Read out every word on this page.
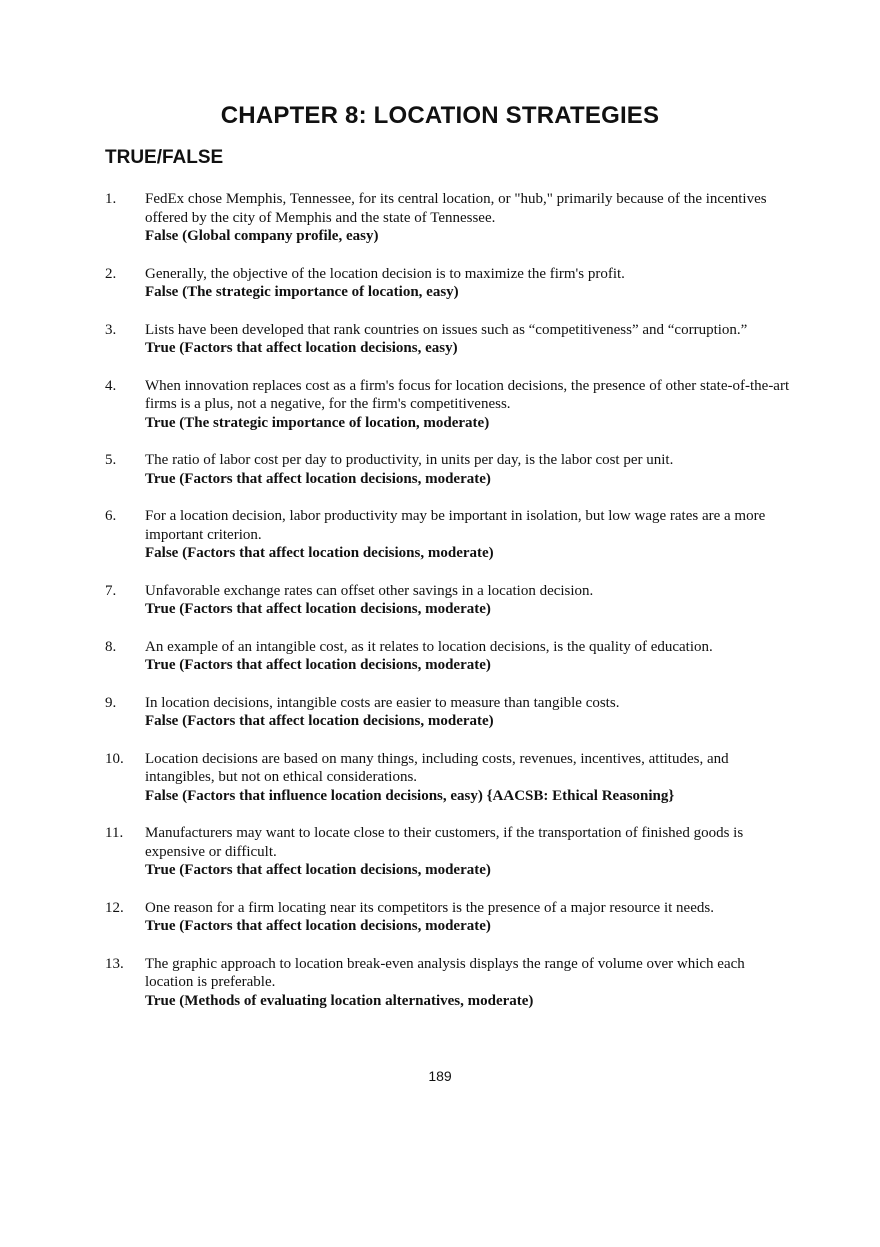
CHAPTER 8: LOCATION STRATEGIES
TRUE/FALSE
1. FedEx chose Memphis, Tennessee, for its central location, or "hub," primarily because of the incentives offered by the city of Memphis and the state of Tennessee.
False (Global company profile, easy)
2. Generally, the objective of the location decision is to maximize the firm's profit.
False (The strategic importance of location, easy)
3. Lists have been developed that rank countries on issues such as “competitiveness” and “corruption.”
True (Factors that affect location decisions, easy)
4. When innovation replaces cost as a firm's focus for location decisions, the presence of other state-of-the-art firms is a plus, not a negative, for the firm's competitiveness.
True (The strategic importance of location, moderate)
5. The ratio of labor cost per day to productivity, in units per day, is the labor cost per unit.
True (Factors that affect location decisions, moderate)
6. For a location decision, labor productivity may be important in isolation, but low wage rates are a more important criterion.
False (Factors that affect location decisions, moderate)
7. Unfavorable exchange rates can offset other savings in a location decision.
True (Factors that affect location decisions, moderate)
8. An example of an intangible cost, as it relates to location decisions, is the quality of education.
True (Factors that affect location decisions, moderate)
9. In location decisions, intangible costs are easier to measure than tangible costs.
False (Factors that affect location decisions, moderate)
10. Location decisions are based on many things, including costs, revenues, incentives, attitudes, and intangibles, but not on ethical considerations.
False (Factors that influence location decisions, easy) {AACSB: Ethical Reasoning}
11. Manufacturers may want to locate close to their customers, if the transportation of finished goods is expensive or difficult.
True (Factors that affect location decisions, moderate)
12. One reason for a firm locating near its competitors is the presence of a major resource it needs.
True (Factors that affect location decisions, moderate)
13. The graphic approach to location break-even analysis displays the range of volume over which each location is preferable.
True (Methods of evaluating location alternatives, moderate)
189
